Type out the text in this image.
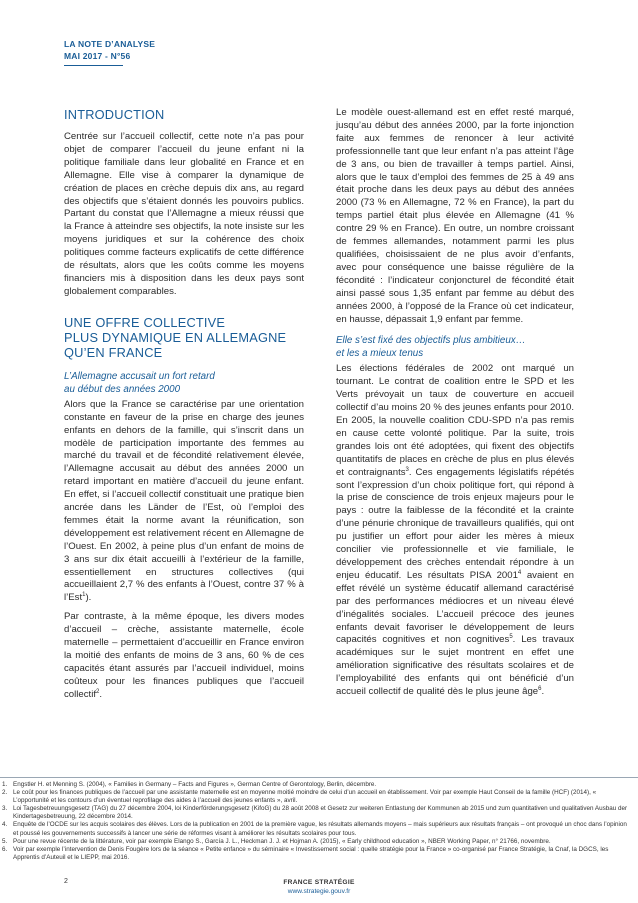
LA NOTE D’ANALYSE
MAI 2017 - N°56
INTRODUCTION

Centrée sur l’accueil collectif, cette note n’a pas pour objet de comparer l’accueil du jeune enfant ni la politique familiale dans leur globalité en France et en Allemagne. Elle vise à comparer la dynamique de création de places en crèche depuis dix ans, au regard des objectifs que s’étaient donnés les pouvoirs publics. Partant du constat que l’Allemagne a mieux réussi que la France à atteindre ses objectifs, la note insiste sur les moyens juridiques et sur la cohérence des choix politiques comme facteurs explicatifs de cette différence de résultats, alors que les coûts comme les moyens financiers mis à disposition dans les deux pays sont globalement comparables.

UNE OFFRE COLLECTIVE
PLUS DYNAMIQUE EN ALLEMAGNE
QU’EN FRANCE
L’Allemagne accusait un fort retard
au début des années 2000

Alors que la France se caractérise par une orientation constante en faveur de la prise en charge des jeunes enfants en dehors de la famille, qui s’inscrit dans un modèle de participation importante des femmes au marché du travail et de fécondité relativement élevée, l’Allemagne accusait au début des années 2000 un retard important en matière d’accueil du jeune enfant. En effet, si l’accueil collectif constituait une pratique bien ancrée dans les Länder de l’Est, où l’emploi des femmes était la norme avant la réunification, son développement est relativement récent en Allemagne de l’Ouest. En 2002, à peine plus d’un enfant de moins de 3 ans sur dix était accueilli à l’extérieur de la famille, essentiellement en structures collectives (qui accueillaient 2,7 % des enfants à l’Ouest, contre 37 % à l’Est$^1$).

Par contraste, à la même époque, les divers modes d’accueil – crèche, assistante maternelle, école maternelle – permettaient d’accueillir en France environ la moitié des enfants de moins de 3 ans, 60 % de ces capacités étant assurés par l’accueil individuel, moins coûteux pour les finances publiques que l’accueil collectif$^2$.

Le modèle ouest-allemand est en effet resté marqué, jusqu’au début des années 2000, par la forte injonction faite aux femmes de renoncer à leur activité professionnelle tant que leur enfant n’a pas atteint l’âge de 3 ans, ou bien de travailler à temps partiel. Ainsi, alors que le taux d’emploi des femmes de 25 à 49 ans était proche dans les deux pays au début des années 2000 (73 % en Allemagne, 72 % en France), la part du temps partiel était plus élevée en Allemagne (41 % contre 29 % en France). En outre, un nombre croissant de femmes allemandes, notamment parmi les plus qualifiées, choisissaient de ne plus avoir d’enfants, avec pour conséquence une baisse régulière de la fécondité : l’indicateur conjoncturel de fécondité était ainsi passé sous 1,35 enfant par femme au début des années 2000, à l’opposé de la France où cet indicateur, en hausse, dépassait 1,9 enfant par femme.

Elle s’est fixé des objectifs plus ambitieux…
et les a mieux tenus

Les élections fédérales de 2002 ont marqué un tournant. Le contrat de coalition entre le SPD et les Verts prévoyait un taux de couverture en accueil collectif d’au moins 20 % des jeunes enfants pour 2010. En 2005, la nouvelle coalition CDU-SPD n’a pas remis en cause cette volonté politique. Par la suite, trois grandes lois ont été adoptées, qui fixent des objectifs quantitatifs de places en crèche de plus en plus élevés et contraignants$^3$. Ces engagements législatifs répétés sont l’expression d’un choix politique fort, qui répond à la prise de conscience de trois enjeux majeurs pour le pays : outre la faiblesse de la fécondité et la crainte d’une pénurie chronique de travailleurs qualifiés, qui ont pu justifier un effort pour aider les mères à mieux concilier vie professionnelle et vie familiale, le développement des crèches entendait répondre à un enjeu éducatif. Les résultats PISA 2001$^4$ avaient en effet révélé un système éducatif allemand caractérisé par des performances médiocres et un niveau élevé d’inégalités sociales. L’accueil précoce des jeunes enfants devait favoriser le développement de leurs capacités cognitives et non cognitives$^5$. Les travaux académiques sur le sujet montrent en effet une amélioration significative des résultats scolaires et de l’employabilité des enfants qui ont bénéficié d’un accueil collectif de qualité dès le plus jeune âge$^6$.

1. Engstler H. et Menning S. (2004), « Families in Germany – Facts and Figures », German Centre of Gerontology, Berlin, décembre.
2. Le coût pour les finances publiques de l’accueil par une assistante maternelle est en moyenne moitié moindre de celui d’un accueil en établissement. Voir par exemple Haut Conseil de la famille (HCF) (2014), « L’opportunité et les contours d’un éventuel reprofilage des aides à l’accueil des jeunes enfants », avril.
3. Loi Tagesbetreuungsgesetz (TAG) du 27 décembre 2004, loi Kinderförderungsgesetz (KifoG) du 28 août 2008 et Gesetz zur weiteren Entlastung der Kommunen ab 2015 und zum quantitativen und qualitativen Ausbau der Kindertagesbetreuung, 22 décembre 2014.
4. Enquête de l’OCDE sur les acquis scolaires des élèves. Lors de la publication en 2001 de la première vague, les résultats allemands moyens – mais supérieurs aux résultats français – ont provoqué un choc dans l’opinion et poussé les gouvernements successifs à lancer une série de réformes visant à améliorer les résultats scolaires pour tous.
5. Pour une revue récente de la littérature, voir par exemple Elango S., García J. L., Heckman J. J. et Hojman A. (2015), « Early childhood education », NBER Working Paper, n° 21766, novembre.
6. Voir par exemple l’intervention de Denis Fougère lors de la séance « Petite enfance » du séminaire « Investissement social : quelle stratégie pour la France » co-organisé par France Stratégie, la Cnaf, la DGCS, les Apprentis d’Auteuil et le LIEPP, mai 2016.
2	FRANCE STRATÉGIE
www.strategie.gouv.fr
